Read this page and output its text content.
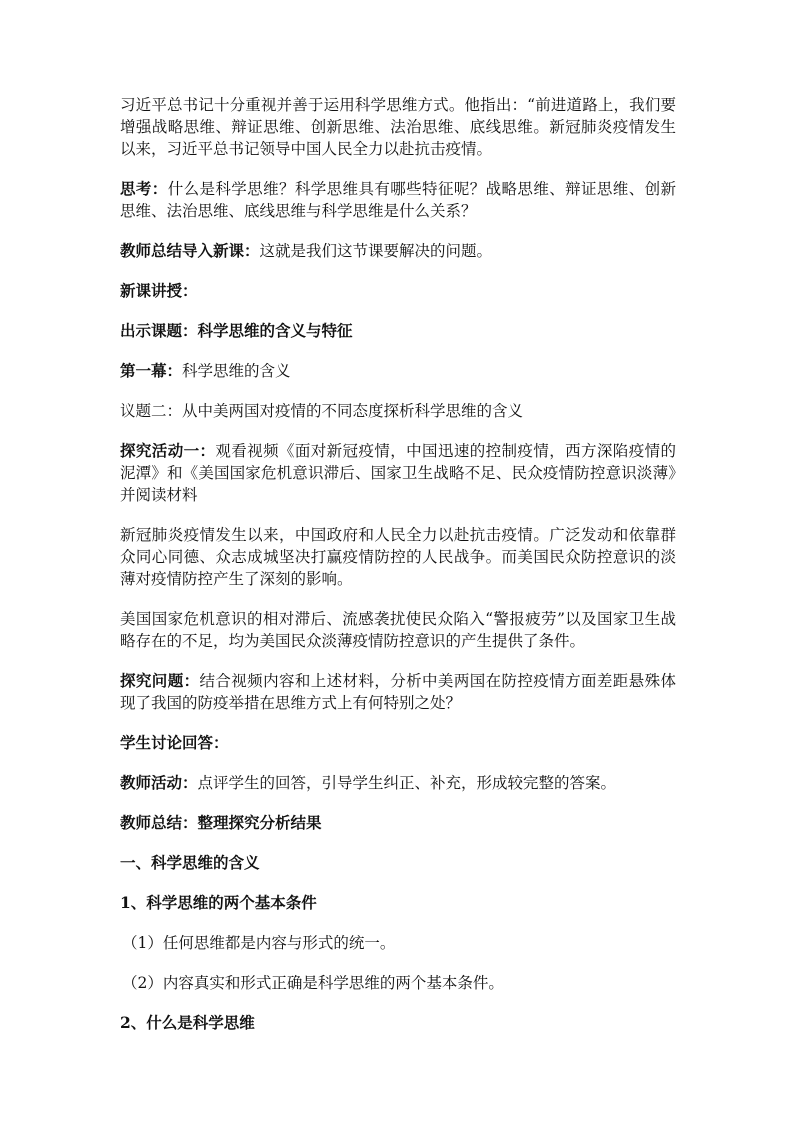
习近平总书记十分重视并善于运用科学思维方式。他指出：“前进道路上，我们要增强战略思维、辩证思维、创新思维、法治思维、底线思维。新冠肺炎疫情发生以来，习近平总书记领导中国人民全力以赴抗击疫情。

思考：什么是科学思维？科学思维具有哪些特征呢？战略思维、辩证思维、创新思维、法治思维、底线思维与科学思维是什么关系？

教师总结导入新课：这就是我们这节课要解决的问题。

新课讲授：

出示课题：科学思维的含义与特征

第一幕：科学思维的含义

议题二：从中美两国对疫情的不同态度探析科学思维的含义

探究活动一：观看视频《面对新冠疫情，中国迅速的控制疫情，西方深陷疫情的泥潭》和《美国国家危机意识滞后、国家卫生战略不足、民众疫情防控意识淡薄》并阅读材料

新冠肺炎疫情发生以来，中国政府和人民全力以赴抗击疫情。广泛发动和依靠群众同心同德、众志成城坚决打赢疫情防控的人民战争。而美国民众防控意识的淡薄对疫情防控产生了深刻的影响。

美国国家危机意识的相对滞后、流感袭扰使民众陷入“警报疲劳”以及国家卫生战略存在的不足，均为美国民众淡薄疫情防控意识的产生提供了条件。

探究问题：结合视频内容和上述材料，分析中美两国在防控疫情方面差距悬殊体现了我国的防疫举措在思维方式上有何特别之处？

学生讨论回答：

教师活动：点评学生的回答，引导学生纠正、补充，形成较完整的答案。

教师总结：整理探究分析结果

一、科学思维的含义

1、科学思维的两个基本条件

（1）任何思维都是内容与形式的统一。

（2）内容真实和形式正确是科学思维的两个基本条件。

2、什么是科学思维
